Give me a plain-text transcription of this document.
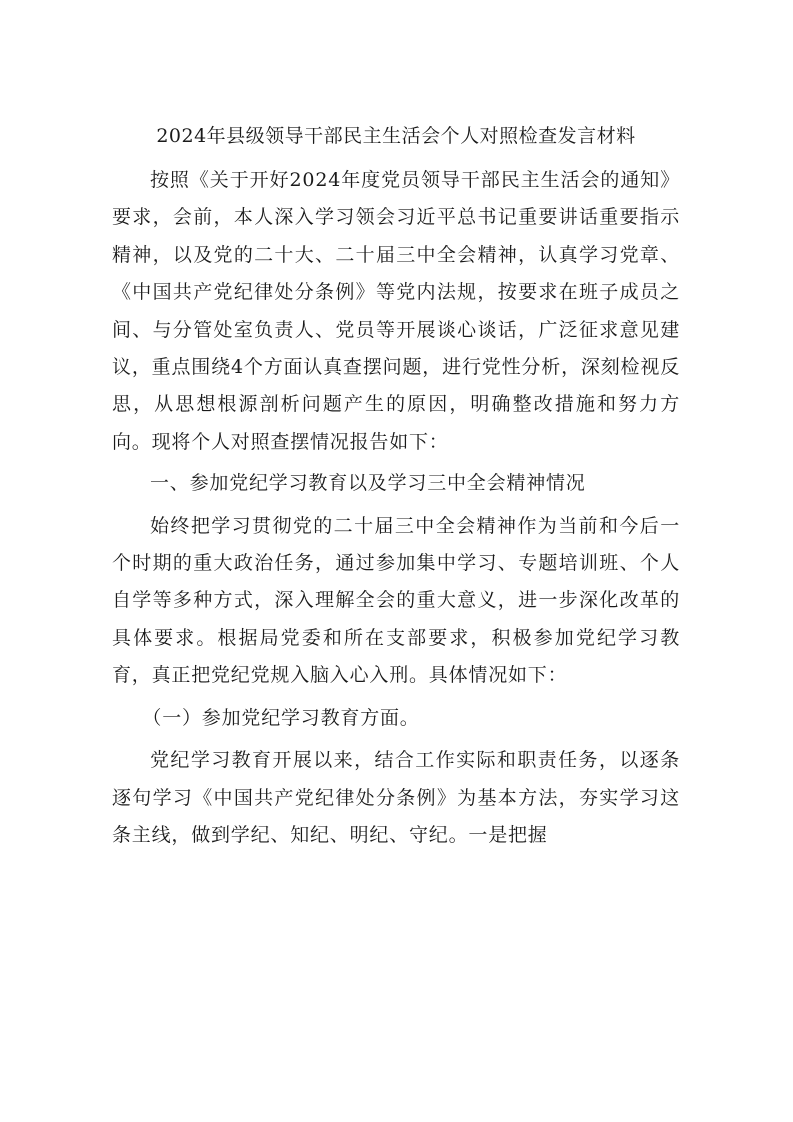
2024年县级领导干部民主生活会个人对照检查发言材料

按照《关于开好2024年度党员领导干部民主生活会的通知》要求，会前，本人深入学习领会习近平总书记重要讲话重要指示精神，以及党的二十大、二十届三中全会精神，认真学习党章、《中国共产党纪律处分条例》等党内法规，按要求在班子成员之间、与分管处室负责人、党员等开展谈心谈话，广泛征求意见建议，重点围绕4个方面认真查摆问题，进行党性分析，深刻检视反思，从思想根源剖析问题产生的原因，明确整改措施和努力方向。现将个人对照查摆情况报告如下：

一、参加党纪学习教育以及学习三中全会精神情况

始终把学习贯彻党的二十届三中全会精神作为当前和今后一个时期的重大政治任务，通过参加集中学习、专题培训班、个人自学等多种方式，深入理解全会的重大意义，进一步深化改革的具体要求。根据局党委和所在支部要求，积极参加党纪学习教育，真正把党纪党规入脑入心入刑。具体情况如下：

（一）参加党纪学习教育方面。

党纪学习教育开展以来，结合工作实际和职责任务，以逐条逐句学习《中国共产党纪律处分条例》为基本方法，夯实学习这条主线，做到学纪、知纪、明纪、守纪。一是把握
